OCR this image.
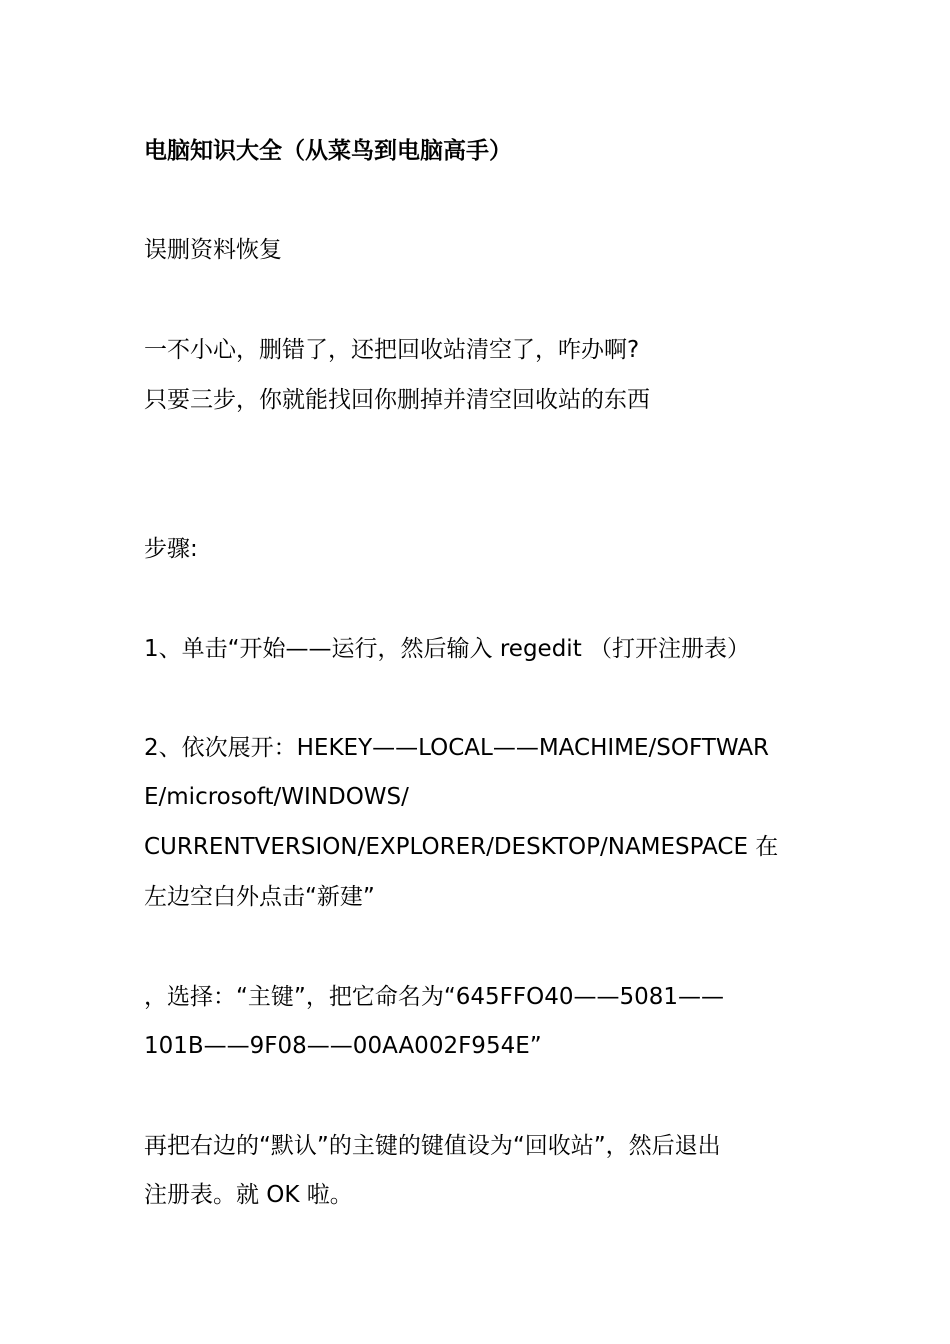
电脑知识大全（从菜鸟到电脑高手）
误删资料恢复
一不小心，删错了，还把回收站清空了，咋办啊?
只要三步，你就能找回你删掉并清空回收站的东西
步骤:
1、单击“开始——运行，然后输入 regedit （打开注册表）
2、依次展开：HEKEY——LOCAL——MACHIME/SOFTWAR
E/microsoft/WINDOWS/
CURRENTVERSION/EXPLORER/DESKTOP/NAMESPACE 在
左边空白外点击“新建”
，选择：“主键”，把它命名为“645FFO40——5081——
101B——9F08——00AA002F954E”
再把右边的“默认”的主键的键值设为“回收站”，然后退出
注册表。就 OK 啦。
